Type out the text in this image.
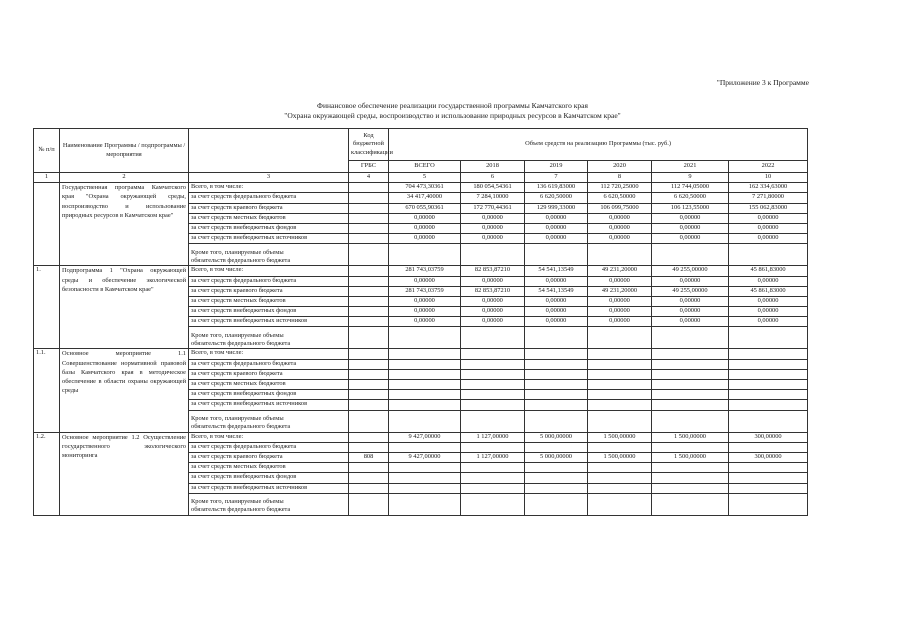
"Приложение 3 к Программе
Финансовое обеспечение реализации государственной программы Камчатского края
"Охрана окружающей среды, воспроизводство и использование природных ресурсов в Камчатском крае"
№ п/п	Наименование Программы / подпрограммы / мероприятия		Код бюджетной классификации	Объем средств на реализацию Программы (тыс. руб.)					
			ГРБС	ВСЕГО	2018	2019	2020	2021	2022
1	2	3	4	5	6	7	8	9	10
	Государственная программа Камчатского края "Охрана окружающей среды, воспроизводство и использование природных ресурсов в Камчатском крае"	Всего, в том числе:		704 473,30361	180 054,54361	136 619,83000	112 720,25000	112 744,05000	162 334,63000
		за счет средств федерального бюджета		34 417,40000	7 284,10000	6 620,50000	6 620,50000	6 620,50000	7 271,80000
		за счет средств краевого бюджета		670 055,90361	172 770,44361	129 999,33000	106 099,75000	106 123,55000	155 062,83000
		за счет средств местных бюджетов		0,00000	0,00000	0,00000	0,00000	0,00000	0,00000
		за счет средств внебюджетных фондов		0,00000	0,00000	0,00000	0,00000	0,00000	0,00000
		за счет средств внебюджетных источников		0,00000	0,00000	0,00000	0,00000	0,00000	0,00000

		Кроме того, планируемые объемы
обязательств федерального бюджета							

1.	Подпрограмма 1 "Охрана окружающей среды и обеспечение экологической безопасности в Камчатском крае"	Всего, в том числе:		281 743,03759	82 853,87210	54 541,13549	49 231,20000	49 255,00000	45 861,83000
		за счет средств федерального бюджета		0,00000	0,00000	0,00000	0,00000	0,00000	0,00000
		за счет средств краевого бюджета		281 743,03759	82 853,87210	54 541,13549	49 231,20000	49 255,00000	45 861,83000
		за счет средств местных бюджетов		0,00000	0,00000	0,00000	0,00000	0,00000	0,00000
		за счет средств внебюджетных фондов		0,00000	0,00000	0,00000	0,00000	0,00000	0,00000
		за счет средств внебюджетных источников		0,00000	0,00000	0,00000	0,00000	0,00000	0,00000

		Кроме того, планируемые объемы
обязательств федерального бюджета							

1.1.	Основное мероприятие 1.1 Совершенствование нормативной правовой базы Камчатского края в методическое обеспечение в области охраны окружающей среды	Всего, в том числе:							
		за счет средств федерального бюджета							
		за счет средств краевого бюджета							
		за счет средств местных бюджетов							
		за счет средств внебюджетных фондов							
		за счет средств внебюджетных источников							

		Кроме того, планируемые объемы
обязательств федерального бюджета							

1.2.	Основное мероприятие 1.2 Осуществление государственного экологического мониторинга	Всего, в том числе:		9 427,00000	1 127,00000	5 000,00000	1 500,00000	1 500,00000	300,00000
		за счет средств федерального бюджета							
		за счет средств краевого бюджета	808	9 427,00000	1 127,00000	5 000,00000	1 500,00000	1 500,00000	300,00000
		за счет средств местных бюджетов							
		за счет средств внебюджетных фондов							
		за счет средств внебюджетных источников							

		Кроме того, планируемые объемы
обязательств федерального бюджета							
